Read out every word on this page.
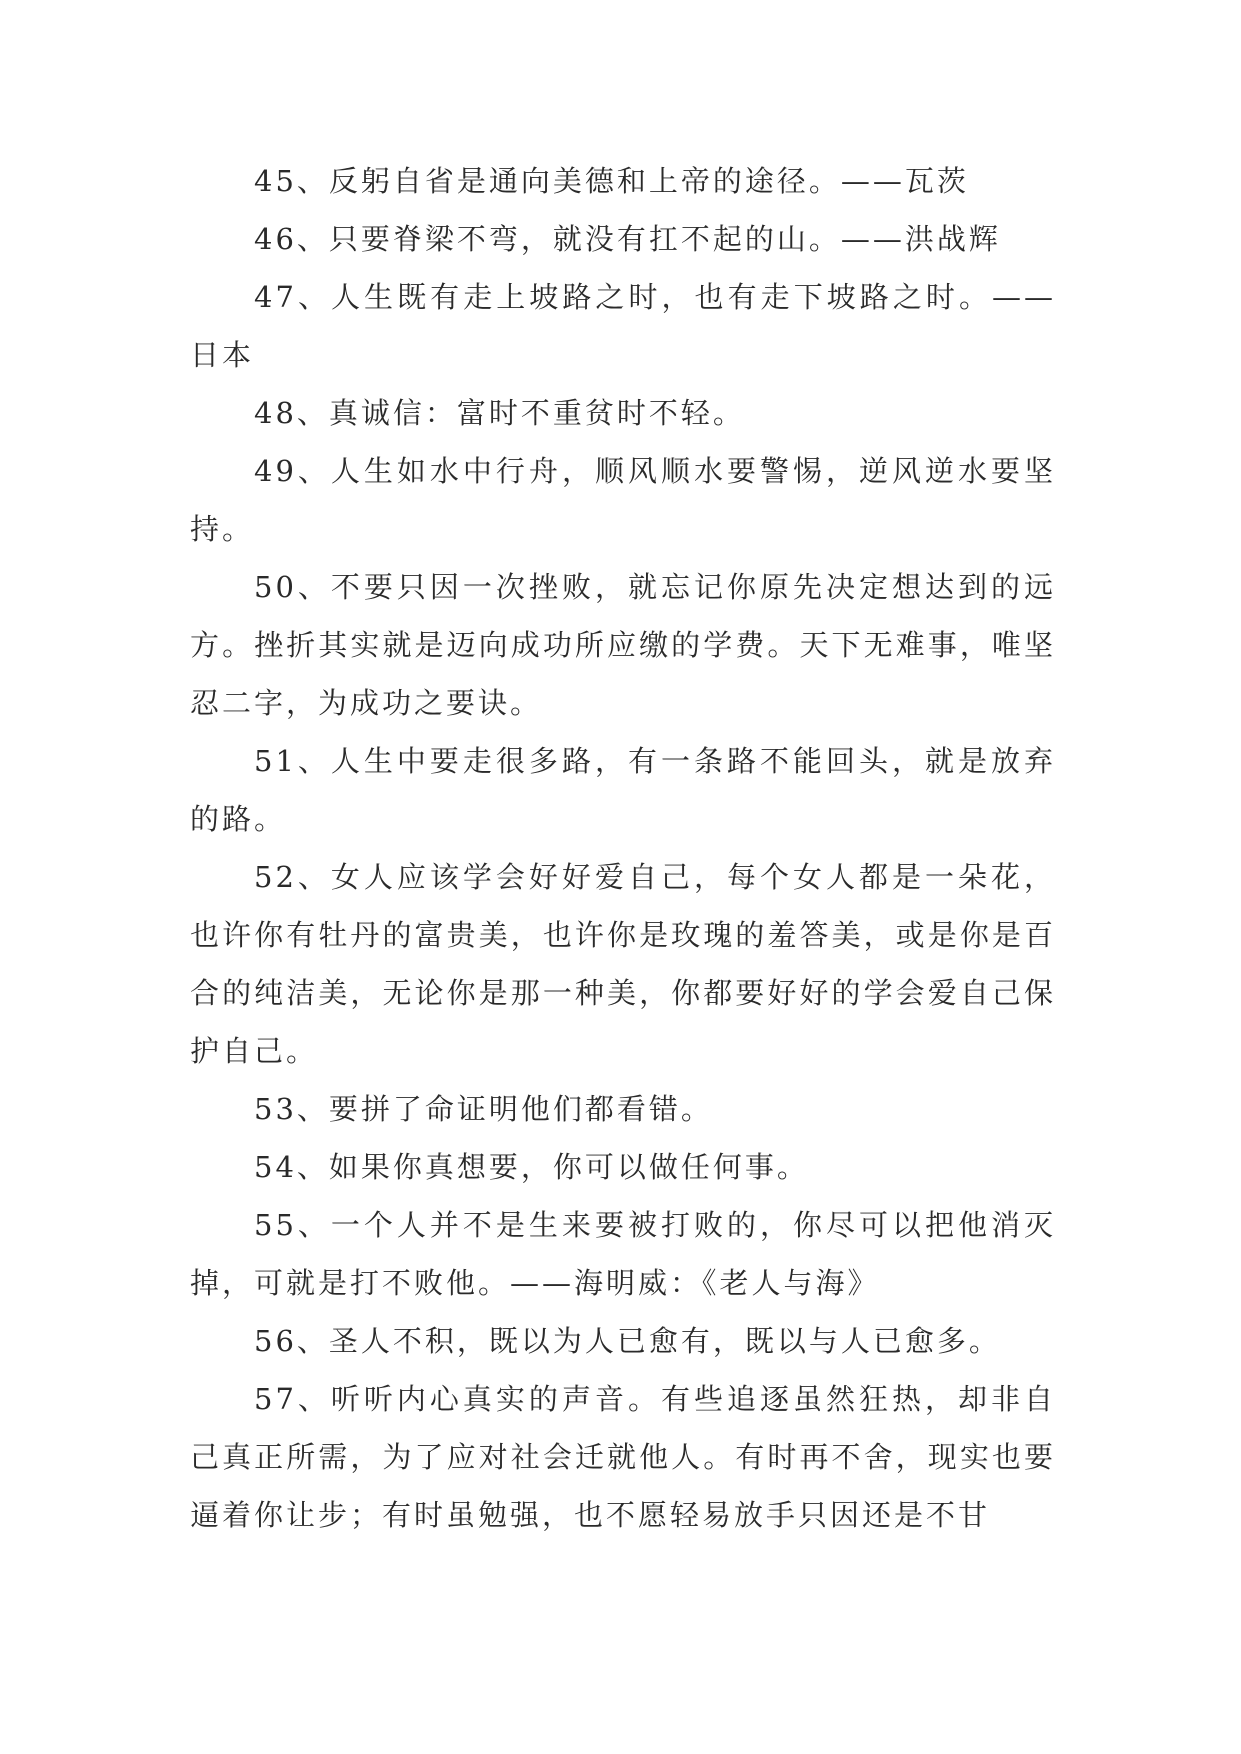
45、反躬自省是通向美德和上帝的途径。——瓦茨

46、只要脊梁不弯，就没有扛不起的山。——洪战辉

47、人生既有走上坡路之时，也有走下坡路之时。——日本

48、真诚信：富时不重贫时不轻。

49、人生如水中行舟，顺风顺水要警惕，逆风逆水要坚持。

50、不要只因一次挫败，就忘记你原先决定想达到的远方。挫折其实就是迈向成功所应缴的学费。天下无难事，唯坚忍二字，为成功之要诀。

51、人生中要走很多路，有一条路不能回头，就是放弃的路。

52、女人应该学会好好爱自己，每个女人都是一朵花，也许你有牡丹的富贵美，也许你是玫瑰的羞答美，或是你是百合的纯洁美，无论你是那一种美，你都要好好的学会爱自己保护自己。

53、要拼了命证明他们都看错。

54、如果你真想要，你可以做任何事。

55、一个人并不是生来要被打败的，你尽可以把他消灭掉，可就是打不败他。——海明威：《老人与海》

56、圣人不积，既以为人已愈有，既以与人已愈多。

57、听听内心真实的声音。有些追逐虽然狂热，却非自己真正所需，为了应对社会迁就他人。有时再不舍，现实也要逼着你让步；有时虽勉强，也不愿轻易放手只因还是不甘
